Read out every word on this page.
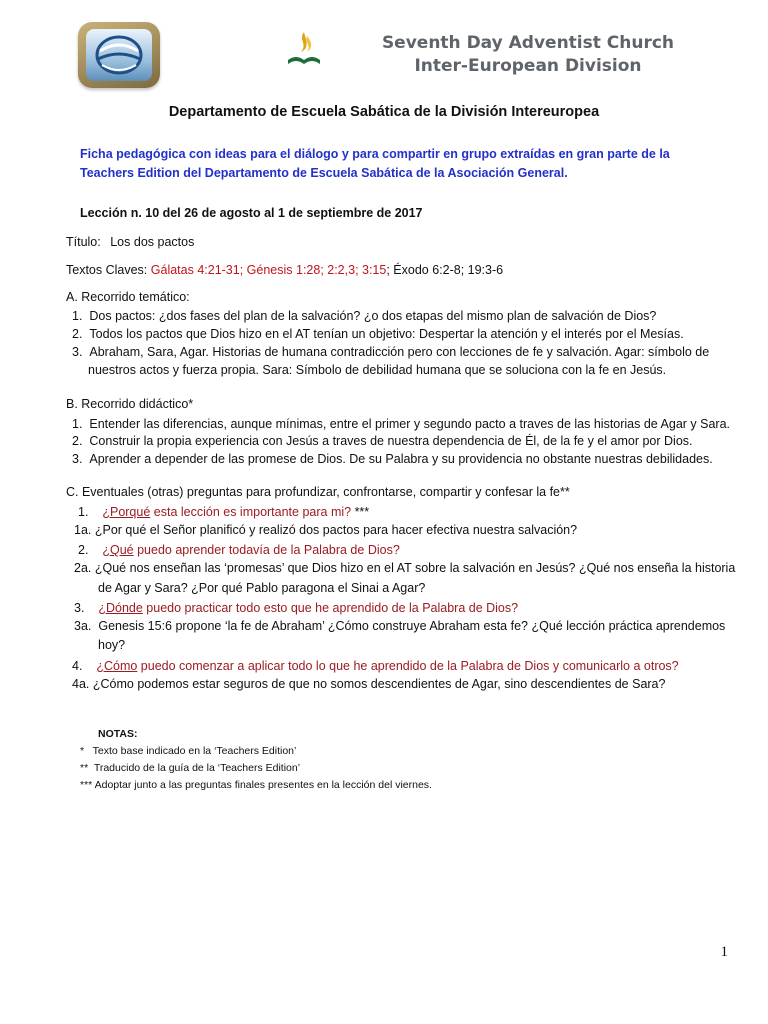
Seventh Day Adventist Church
Inter-European Division
Departamento de Escuela Sabática de la División Intereuropea
Ficha pedagógica con ideas para el diálogo y para compartir en grupo extraídas en gran parte de la Teachers Edition del Departamento de Escuela Sabática de la Asociación General.
Lección n. 10 del 26 de agosto al 1 de septiembre de 2017
Título: Los dos pactos
Textos Claves: Gálatas 4:21-31; Génesis 1:28; 2:2,3; 3:15; Éxodo 6:2-8; 19:3-6
A. Recorrido temático:
1. Dos pactos: ¿dos fases del plan de la salvación? ¿o dos etapas del mismo plan de salvación de Dios?
2. Todos los pactos que Dios hizo en el AT tenían un objetivo: Despertar la atención y el interés por el Mesías.
3. Abraham, Sara, Agar. Historias de humana contradicción pero con lecciones de fe y salvación. Agar: símbolo de
nuestros actos y fuerza propia. Sara: Símbolo de debilidad humana que se soluciona con la fe en Jesús.
B. Recorrido didáctico*
1. Entender las diferencias, aunque mínimas, entre el primer y segundo pacto a traves de las historias de Agar y Sara.
2. Construir la propia experiencia con Jesús a traves de nuestra dependencia de Él, de la fe y el amor por Dios.
3. Aprender a depender de las promese de Dios. De su Palabra y su providencia no obstante nuestras debilidades.
C. Eventuales (otras) preguntas para profundizar, confrontarse, compartir y confesar la fe**
1. ¿Porqué esta lección es importante para mi? ***
1a. ¿Por qué el Señor planificó y realizó dos pactos para hacer efectiva nuestra salvación?
2. ¿Qué puedo aprender todavía de la Palabra de Dios?
2a. ¿Qué nos enseñan las ‘promesas’ que Dios hizo en el AT sobre la salvación en Jesús? ¿Qué nos enseña la historia
de Agar y Sara? ¿Por qué Pablo paragona el Sinai a Agar?
3. ¿Dónde puedo practicar todo esto que he aprendido de la Palabra de Dios?
3a. Genesis 15:6 propone ‘la fe de Abraham’ ¿Cómo construye Abraham esta fe? ¿Qué lección práctica aprendemos
hoy?
4. ¿Cómo puedo comenzar a aplicar todo lo que he aprendido de la Palabra de Dios y comunicarlo a otros?
4a. ¿Cómo podemos estar seguros de que no somos descendientes de Agar, sino descendientes de Sara?
NOTAS:
*   Texto base indicado en la ‘Teachers Edition’
**  Traducido de la guía de la ‘Teachers Edition’
*** Adoptar junto a las preguntas finales presentes en la lección del viernes.
1
